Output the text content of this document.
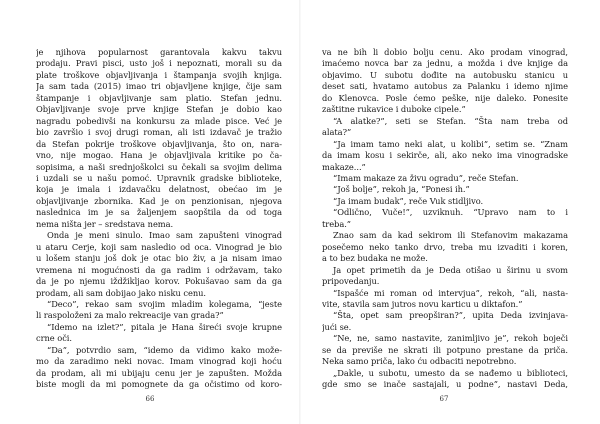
je njihova popularnost garantovala kakvu takvu
prodaju. Pravi pisci, usto još i nepoznati, morali su da
plate troškove objavljivanja i štampanja svojih knjiga.
Ja sam tada (2015) imao tri objavljene knjige, čije sam
štampanje i objavljivanje sam platio. Stefan jednu.
Objavljivanje svoje prve knjige Stefan je dobio kao
nagradu pobedivši na konkursu za mlade pisce. Već je
bio završio i svoj drugi roman, ali isti izdavač je tražio
da Stefan pokrije troškove objavljivanja, što on, nara-
vno, nije mogao. Hana je objavljivala kritike po ča-
sopisima, a naši srednjoškolci su čekali sa svojim delima
i uzdali se u našu pomoć. Upravnik gradske biblioteke,
koja je imala i izdavačku delatnost, obećao im je
objavljivanje zbornika. Kad je on penzionisan, njegova
naslednica im je sa žaljenjem saopštila da od toga
nema ništa jer – sredstava nema.
Onda je meni sinulo. Imao sam zapušteni vinograd
u ataru Cerje, koji sam nasledio od oca. Vinograd je bio
u lošem stanju još dok je otac bio živ, a ja nisam imao
vremena ni mogućnosti da ga radim i održavam, tako
da je po njemu iždžikljao korov. Pokušavao sam da ga
prodam, ali sam dobijao jako nisku cenu.
“Deco”, rekao sam svojim mladim kolegama, “jeste
li raspoloženi za malo rekreacije van grada?”
“Idemo na izlet?”, pitala je Hana šireći svoje krupne
crne oči.
“Da”, potvrdio sam, “idemo da vidimo kako može-
mo da zaradimo neki novac. Imam vinograd koji hoću
da prodam, ali mi ubijaju cenu jer je zapušten. Možda
biste mogli da mi pomognete da ga očistimo od koro-
66
va ne bih li dobio bolju cenu. Ako prodam vinograd,
imaćemo novca bar za jednu, a možda i dve knjige da
objavimo. U subotu dođite na autobusku stanicu u
deset sati, hvatamo autobus za Palanku i idemo njime
do Klenovca. Posle ćemo peške, nije daleko. Ponesite
zaštitne rukavice i duboke cipele.”
“A alatke?”, seti se Stefan. “Šta nam treba od
alata?”
“Ja imam tamo neki alat, u kolibi”, setim se. “Znam
da imam kosu i sekirče, ali, ako neko ima vinogradske
makaze...”
“Imam makaze za živu ogradu”, reče Stefan.
“Još bolje”, rekoh ja, “Ponesi ih.”
“Ja imam budak”, reče Vuk stidljivo.
“Odlično, Vuče!”, uzviknuh. “Upravo nam to i
treba.”
Znao sam da kad sekirom ili Stefanovim makazama
posečemo neko tanko drvo, treba mu izvaditi i koren,
a to bez budaka ne može.
Ja opet primetih da je Deda otišao u širinu u svom
pripovedanju.
“Ispašće mi roman od intervjua”, rekoh, “ali, nasta-
vite, stavila sam jutros novu karticu u diktafon.”
“Šta, opet sam preopširan?”, upita Deda izvinjava-
jući se.
“Ne, ne, samo nastavite, zanimljivo je”, rekoh boječi
se da previše ne skrati ili potpuno prestane da priča.
Neka samo priča, lako ću odbaciti nepotrebno.
„Dakle, u subotu, umesto da se nađemo u biblioteci,
gde smo se inače sastajali, u podne”, nastavi Deda,
67
